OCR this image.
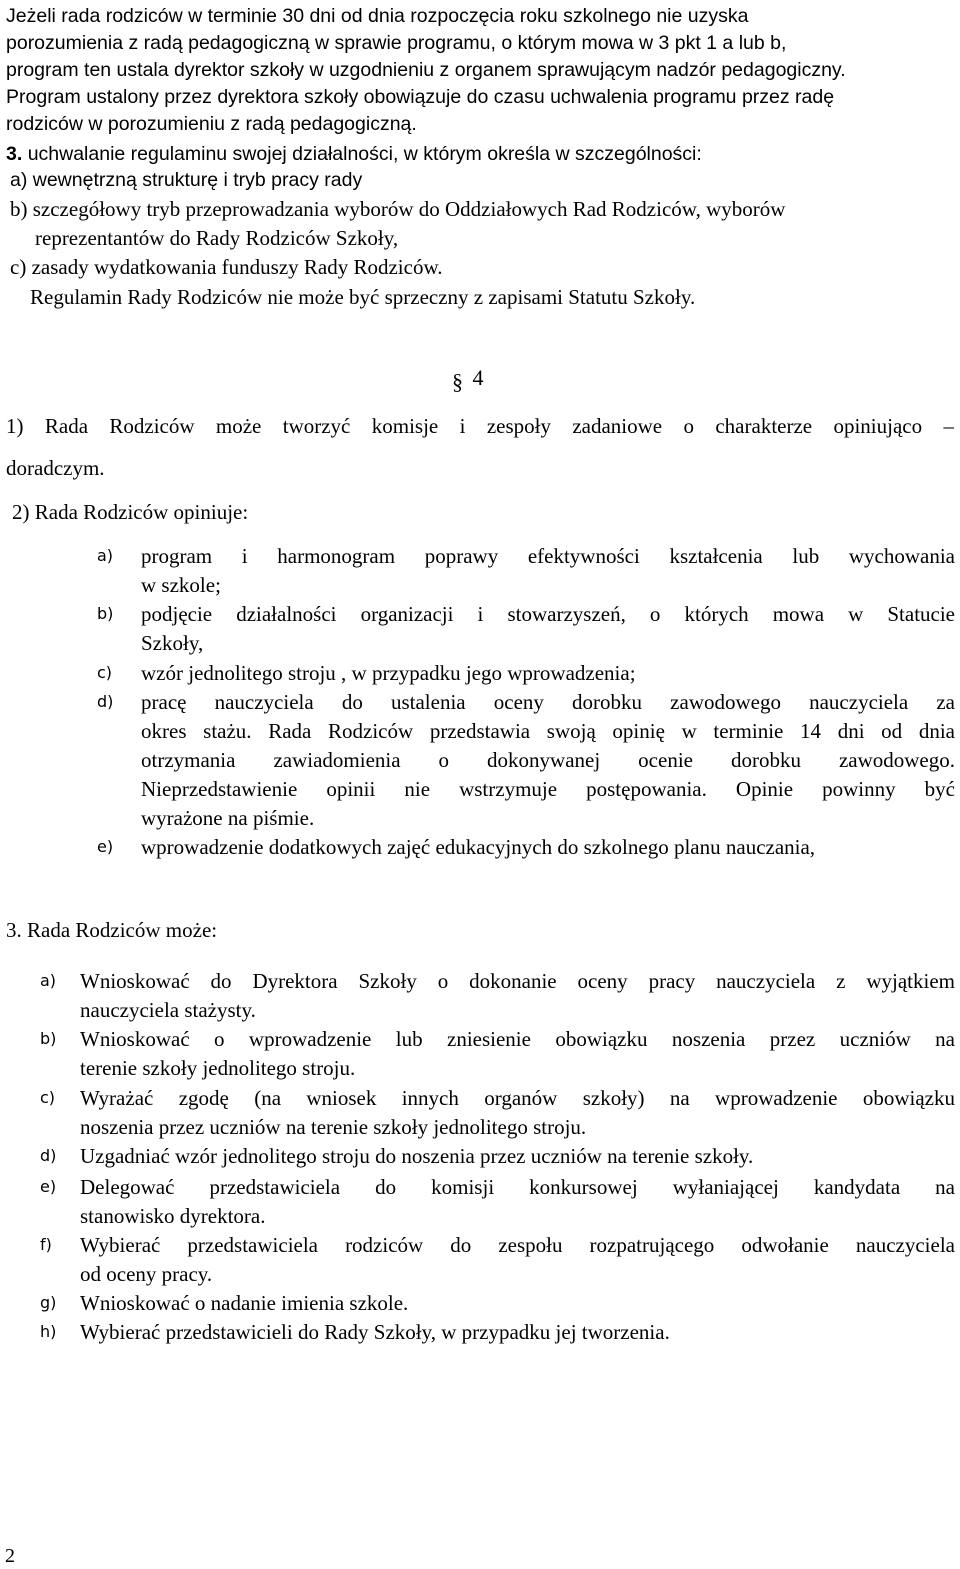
Jeżeli rada rodziców w terminie 30 dni od dnia rozpoczęcia roku szkolnego nie uzyska
porozumienia z radą pedagogiczną w sprawie programu, o którym mowa w 3 pkt 1 a lub b,
program ten ustala dyrektor szkoły w uzgodnieniu z organem sprawującym nadzór pedagogiczny.
Program ustalony przez dyrektora szkoły obowiązuje do czasu uchwalenia programu przez radę
rodziców w porozumieniu z radą pedagogiczną.
3. uchwalanie regulaminu swojej działalności, w którym określa w szczególności:
a) wewnętrzną strukturę i tryb pracy rady
b) szczegółowy tryb przeprowadzania wyborów do Oddziałowych Rad Rodziców, wyborów
reprezentantów do Rady Rodziców Szkoły,
c) zasady wydatkowania funduszy Rady Rodziców.
Regulamin Rady Rodziców nie może być sprzeczny z zapisami Statutu Szkoły.
§ 4
1) Rada Rodziców może tworzyć komisje i zespoły zadaniowe o charakterze opiniująco –
doradczym.
2) Rada Rodziców opiniuje:
a) program i harmonogram poprawy efektywności kształcenia lub wychowania
w szkole;
b) podjęcie działalności organizacji i stowarzyszeń, o których mowa w Statucie
Szkoły,
c) wzór jednolitego stroju , w przypadku jego wprowadzenia;
d) pracę nauczyciela do ustalenia oceny dorobku zawodowego nauczyciela za
okres stażu. Rada Rodziców przedstawia swoją opinię w terminie 14 dni od dnia
otrzymania zawiadomienia o dokonywanej ocenie dorobku zawodowego.
Nieprzedstawienie opinii nie wstrzymuje postępowania. Opinie powinny być
wyrażone na piśmie.
e) wprowadzenie dodatkowych zajęć edukacyjnych do szkolnego planu nauczania,
3. Rada Rodziców może:
a) Wnioskować do Dyrektora Szkoły o dokonanie oceny pracy nauczyciela z wyjątkiem
nauczyciela stażysty.
b) Wnioskować o wprowadzenie lub zniesienie obowiązku noszenia przez uczniów na
terenie szkoły jednolitego stroju.
c) Wyrażać zgodę (na wniosek innych organów szkoły) na wprowadzenie obowiązku
noszenia przez uczniów na terenie szkoły jednolitego stroju.
d) Uzgadniać wzór jednolitego stroju do noszenia przez uczniów na terenie szkoły.
e) Delegować przedstawiciela do komisji konkursowej wyłaniającej kandydata na
stanowisko dyrektora.
f) Wybierać przedstawiciela rodziców do zespołu rozpatrującego odwołanie nauczyciela
od oceny pracy.
g) Wnioskować o nadanie imienia szkole.
h) Wybierać przedstawicieli do Rady Szkoły, w przypadku jej tworzenia.
2
